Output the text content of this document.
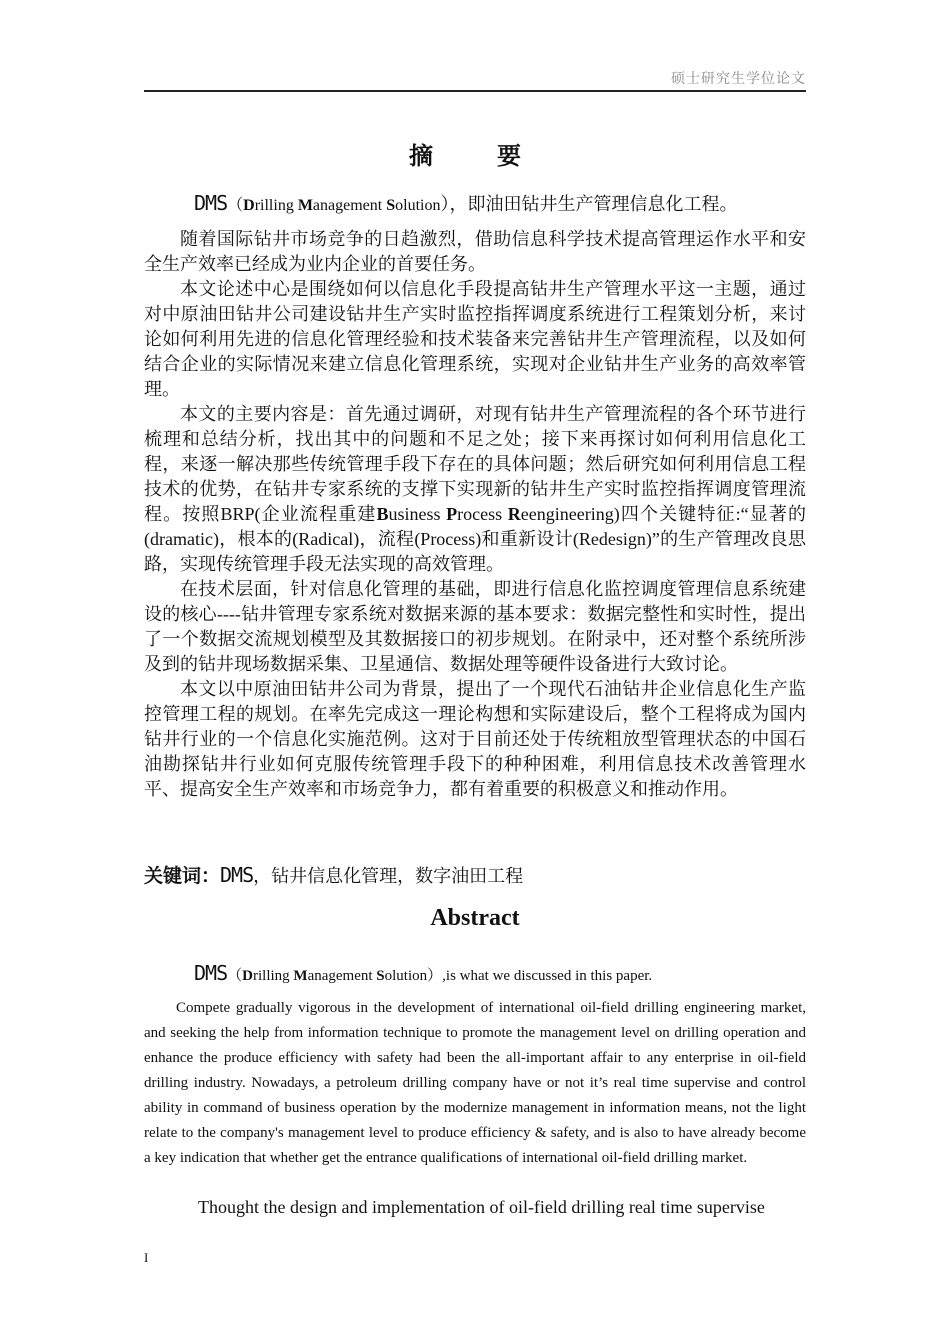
硕士研究生学位论文
摘　要
DMS（Drilling Management Solution），即油田钻井生产管理信息化工程。

随着国际钻井市场竞争的日趋激烈，借助信息科学技术提高管理运作水平和安全生产效率已经成为业内企业的首要任务。

本文论述中心是围绕如何以信息化手段提高钻井生产管理水平这一主题，通过对中原油田钻井公司建设钻井生产实时监控指挥调度系统进行工程策划分析，来讨论如何利用先进的信息化管理经验和技术装备来完善钻井生产管理流程，以及如何结合企业的实际情况来建立信息化管理系统，实现对企业钻井生产业务的高效率管理。

本文的主要内容是：首先通过调研，对现有钻井生产管理流程的各个环节进行梳理和总结分析，找出其中的问题和不足之处；接下来再探讨如何利用信息化工程，来逐一解决那些传统管理手段下存在的具体问题；然后研究如何利用信息工程技术的优势，在钻井专家系统的支撑下实现新的钻井生产实时监控指挥调度管理流程。按照BRP(企业流程重建Business Process Reengineering)四个关键特征:“显著的(dramatic)，根本的(Radical)，流程(Process)和重新设计(Redesign)”的生产管理改良思路，实现传统管理手段无法实现的高效管理。

在技术层面，针对信息化管理的基础，即进行信息化监控调度管理信息系统建设的核心----钻井管理专家系统对数据来源的基本要求：数据完整性和实时性，提出了一个数据交流规划模型及其数据接口的初步规划。在附录中，还对整个系统所涉及到的钻井现场数据采集、卫星通信、数据处理等硬件设备进行大致讨论。

本文以中原油田钻井公司为背景，提出了一个现代石油钻井企业信息化生产监控管理工程的规划。在率先完成这一理论构想和实际建设后，整个工程将成为国内钻井行业的一个信息化实施范例。这对于目前还处于传统粗放型管理状态的中国石油勘探钻井行业如何克服传统管理手段下的种种困难，利用信息技术改善管理水平、提高安全生产效率和市场竞争力，都有着重要的积极意义和推动作用。

关键词：DMS，钻井信息化管理，数字油田工程
Abstract
DMS（Drilling Management Solution）,is what we discussed in this paper.

Compete gradually vigorous in the development of international oil-field drilling engineering market, and seeking the help from information technique to promote the management level on drilling operation and enhance the produce efficiency with safety had been the all-important affair to any enterprise in oil-field drilling industry. Nowadays, a petroleum drilling company have or not it’s real time supervise and control ability in command of business operation by the modernize management in information means, not the light relate to the company's management level to produce efficiency & safety, and is also to have already become a key indication that whether get the entrance qualifications of international oil-field drilling market.

Thought the design and implementation of oil-field drilling real time supervise
I
